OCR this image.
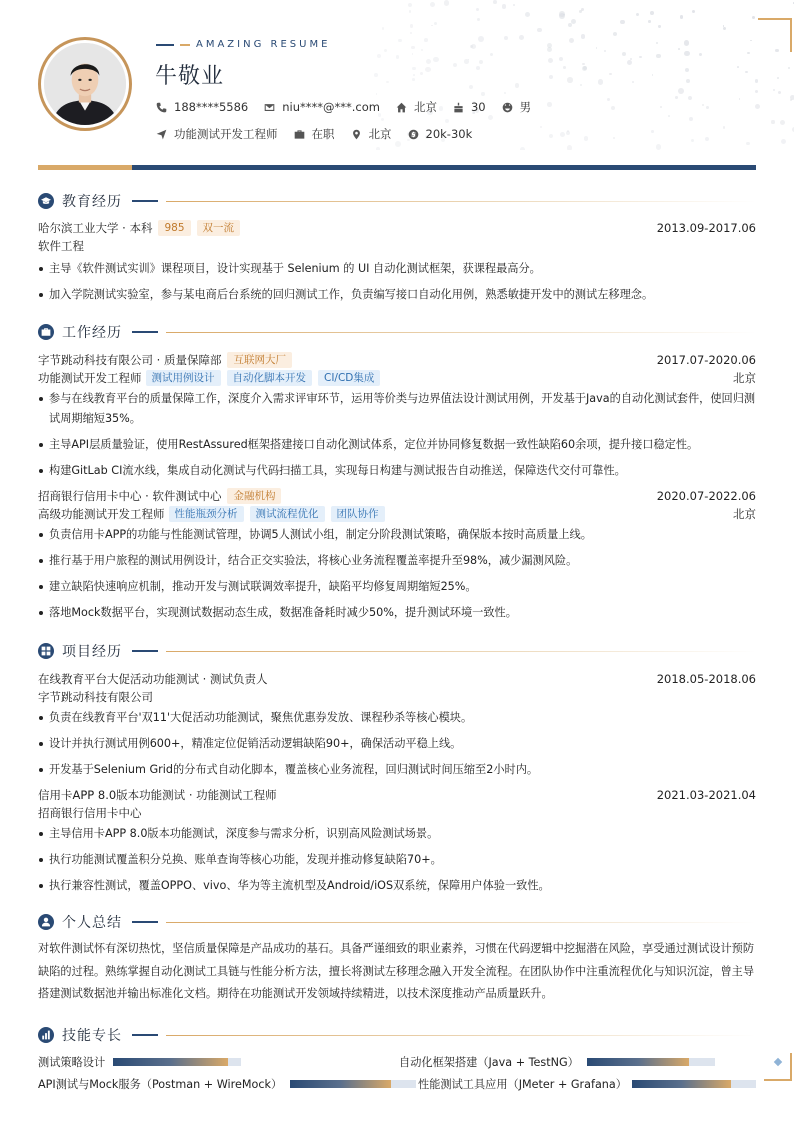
AMAZING RESUME
牛敬业
188****5586	niu****@***.com	北京	30	男
功能测试开发工程师	在职	北京	20k-30k
教育经历
哈尔滨工业大学 · 本科	985	双一流	2013.09-2017.06
软件工程
主导《软件测试实训》课程项目，设计实现基于 Selenium 的 UI 自动化测试框架，获课程最高分。
加入学院测试实验室，参与某电商后台系统的回归测试工作，负责编写接口自动化用例，熟悉敏捷开发中的测试左移理念。
工作经历
字节跳动科技有限公司 · 质量保障部	互联网大厂	2017.07-2020.06
功能测试开发工程师 测试用例设计	自动化脚本开发	CI/CD集成	北京
参与在线教育平台的质量保障工作，深度介入需求评审环节，运用等价类与边界值法设计测试用例，开发基于Java的自动化测试套件，使回归测试周期缩短35%。
主导API层质量验证，使用RestAssured框架搭建接口自动化测试体系，定位并协同修复数据一致性缺陷60余项，提升接口稳定性。
构建GitLab CI流水线，集成自动化测试与代码扫描工具，实现每日构建与测试报告自动推送，保障迭代交付可靠性。
招商银行信用卡中心 · 软件测试中心	金融机构	2020.07-2022.06
高级功能测试开发工程师 性能瓶颈分析	测试流程优化	团队协作	北京
负责信用卡APP的功能与性能测试管理，协调5人测试小组，制定分阶段测试策略，确保版本按时高质量上线。
推行基于用户旅程的测试用例设计，结合正交实验法，将核心业务流程覆盖率提升至98%，减少漏测风险。
建立缺陷快速响应机制，推动开发与测试联调效率提升，缺陷平均修复周期缩短25%。
落地Mock数据平台，实现测试数据动态生成，数据准备耗时减少50%，提升测试环境一致性。
项目经历
在线教育平台大促活动功能测试 · 测试负责人	2018.05-2018.06
字节跳动科技有限公司
负责在线教育平台'双11'大促活动功能测试，聚焦优惠券发放、课程秒杀等核心模块。
设计并执行测试用例600+，精准定位促销活动逻辑缺陷90+，确保活动平稳上线。
开发基于Selenium Grid的分布式自动化脚本，覆盖核心业务流程，回归测试时间压缩至2小时内。
信用卡APP 8.0版本功能测试 · 功能测试工程师	2021.03-2021.04
招商银行信用卡中心
主导信用卡APP 8.0版本功能测试，深度参与需求分析，识别高风险测试场景。
执行功能测试覆盖积分兑换、账单查询等核心功能，发现并推动修复缺陷70+。
执行兼容性测试，覆盖OPPO、vivo、华为等主流机型及Android/iOS双系统，保障用户体验一致性。
个人总结
对软件测试怀有深切热忱，坚信质量保障是产品成功的基石。具备严谨细致的职业素养，习惯在代码逻辑中挖掘潜在风险，享受通过测试设计预防缺陷的过程。熟练掌握自动化测试工具链与性能分析方法，擅长将测试左移理念融入开发全流程。在团队协作中注重流程优化与知识沉淀，曾主导搭建测试数据池并输出标准化文档。期待在功能测试开发领域持续精进，以技术深度推动产品质量跃升。
技能专长
测试策略设计	自动化框架搭建（Java + TestNG）
API测试与Mock服务（Postman + WireMock）	性能测试工具应用（JMeter + Grafana）
